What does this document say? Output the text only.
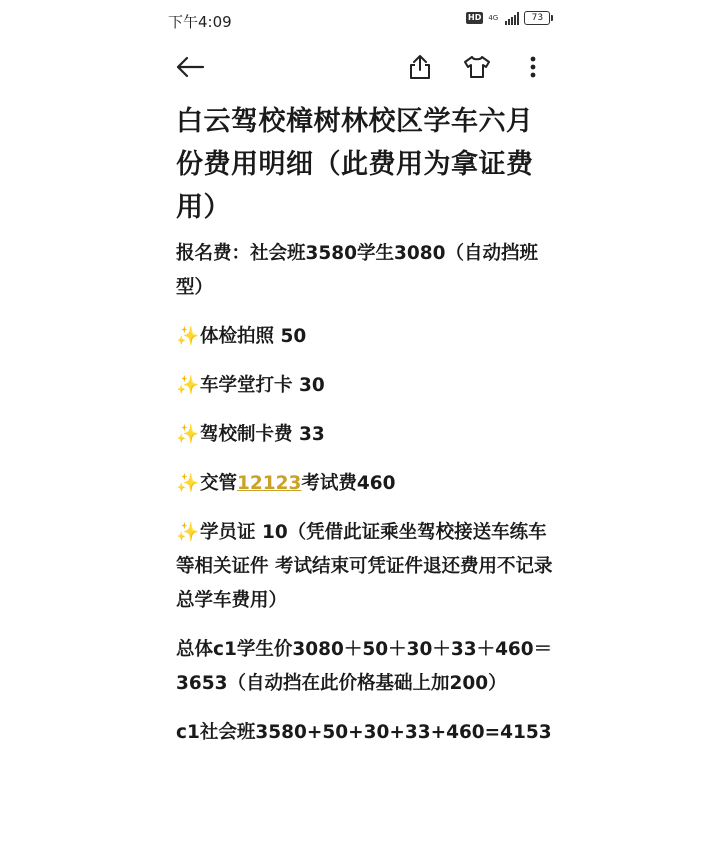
下午4:09	HD 4G	73
白云驾校樟树林校区学车六月份费用明细（此费用为拿证费用）

报名费：社会班3580学生3080（自动挡班型）

✨体检拍照 50

✨车学堂打卡 30

✨驾校制卡费 33

✨交管12123考试费460

✨学员证 10（凭借此证乘坐驾校接送车练车等相关证件 考试结束可凭证件退还费用不记录总学车费用）

总体c1学生价3080＋50＋30＋33＋460＝3653（自动挡在此价格基础上加200）

c1社会班3580+50+30+33+460=4153
